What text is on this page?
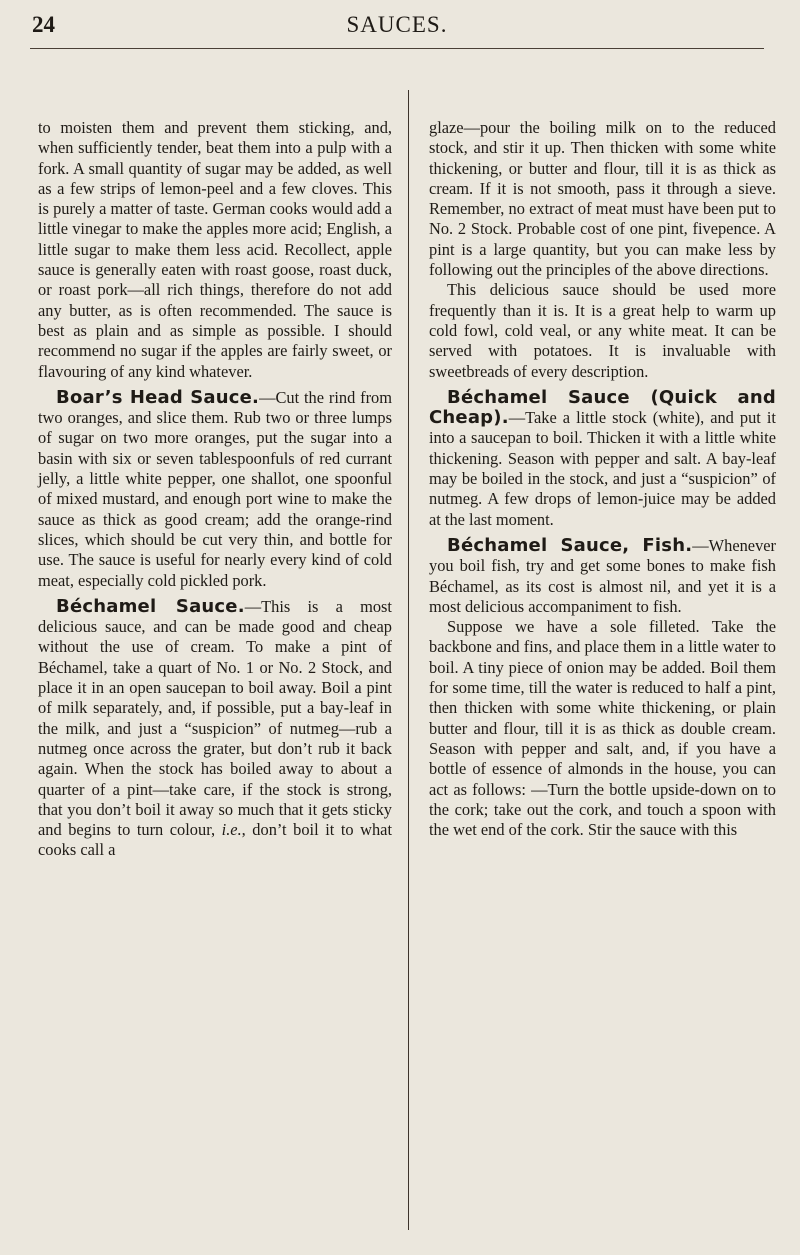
24	SAUCES.

to moisten them and prevent them sticking, and, when sufficiently tender, beat them into a pulp with a fork. A small quantity of sugar may be added, as well as a few strips of lemon-peel and a few cloves. This is purely a matter of taste. German cooks would add a little vinegar to make the apples more acid; English, a little sugar to make them less acid. Recollect, apple sauce is generally eaten with roast goose, roast duck, or roast pork—all rich things, therefore do not add any butter, as is often recommended. The sauce is best as plain and as simple as possible. I should recommend no sugar if the apples are fairly sweet, or flavouring of any kind whatever.

Boar’s Head Sauce.—Cut the rind from two oranges, and slice them. Rub two or three lumps of sugar on two more oranges, put the sugar into a basin with six or seven tablespoonfuls of red currant jelly, a little white pepper, one shallot, one spoonful of mixed mustard, and enough port wine to make the sauce as thick as good cream; add the orange-rind slices, which should be cut very thin, and bottle for use. The sauce is useful for nearly every kind of cold meat, especially cold pickled pork.

Béchamel Sauce.—This is a most delicious sauce, and can be made good and cheap without the use of cream. To make a pint of Béchamel, take a quart of No. 1 or No. 2 Stock, and place it in an open saucepan to boil away. Boil a pint of milk separately, and, if possible, put a bay-leaf in the milk, and just a “suspicion” of nutmeg—rub a nutmeg once across the grater, but don’t rub it back again. When the stock has boiled away to about a quarter of a pint—take care, if the stock is strong, that you don’t boil it away so much that it gets sticky and begins to turn colour, i.e., don’t boil it to what cooks call a

glaze—pour the boiling milk on to the reduced stock, and stir it up. Then thicken with some white thickening, or butter and flour, till it is as thick as cream. If it is not smooth, pass it through a sieve. Remember, no extract of meat must have been put to No. 2 Stock. Probable cost of one pint, fivepence. A pint is a large quantity, but you can make less by following out the principles of the above directions.

This delicious sauce should be used more frequently than it is. It is a great help to warm up cold fowl, cold veal, or any white meat. It can be served with potatoes. It is invaluable with sweetbreads of every description.

Béchamel Sauce (Quick and Cheap).—Take a little stock (white), and put it into a saucepan to boil. Thicken it with a little white thickening. Season with pepper and salt. A bay-leaf may be boiled in the stock, and just a “suspicion” of nutmeg. A few drops of lemon-juice may be added at the last moment.

Béchamel Sauce, Fish.—Whenever you boil fish, try and get some bones to make fish Béchamel, as its cost is almost nil, and yet it is a most delicious accompaniment to fish.

Suppose we have a sole filleted. Take the backbone and fins, and place them in a little water to boil. A tiny piece of onion may be added. Boil them for some time, till the water is reduced to half a pint, then thicken with some white thickening, or plain butter and flour, till it is as thick as double cream. Season with pepper and salt, and, if you have a bottle of essence of almonds in the house, you can act as follows: —Turn the bottle upside-down on to the cork; take out the cork, and touch a spoon with the wet end of the cork. Stir the sauce with this
